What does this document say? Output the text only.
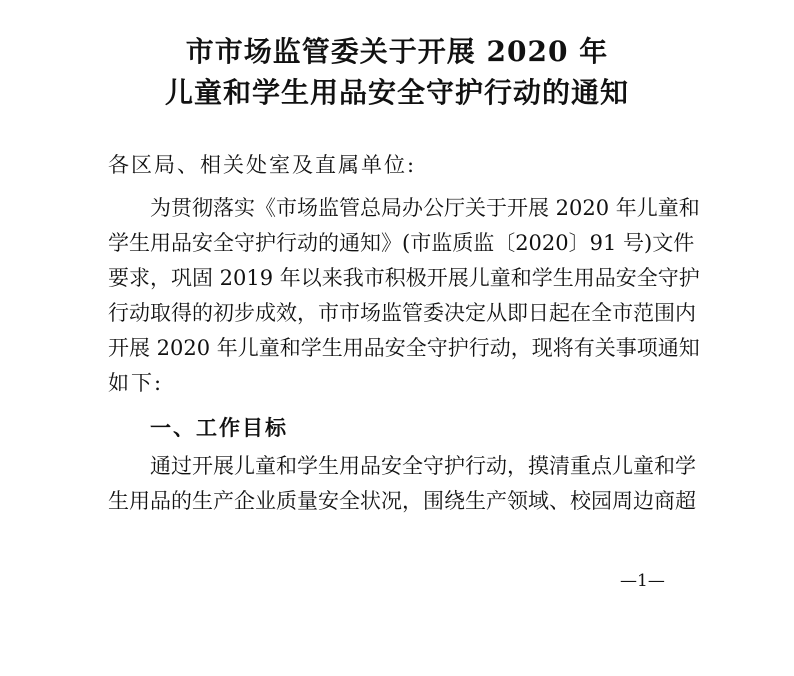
市市场监管委关于开展 2020 年
儿童和学生用品安全守护行动的通知
各区局、相关处室及直属单位:
为贯彻落实《市场监管总局办公厅关于开展 2020 年儿童和
学生用品安全守护行动的通知》(市监质监〔2020〕91 号)文件
要求，巩固 2019 年以来我市积极开展儿童和学生用品安全守护
行动取得的初步成效，市市场监管委决定从即日起在全市范围内
开展 2020 年儿童和学生用品安全守护行动，现将有关事项通知
如下:
一、工作目标
通过开展儿童和学生用品安全守护行动，摸清重点儿童和学
生用品的生产企业质量安全状况，围绕生产领域、校园周边商超
—1—
